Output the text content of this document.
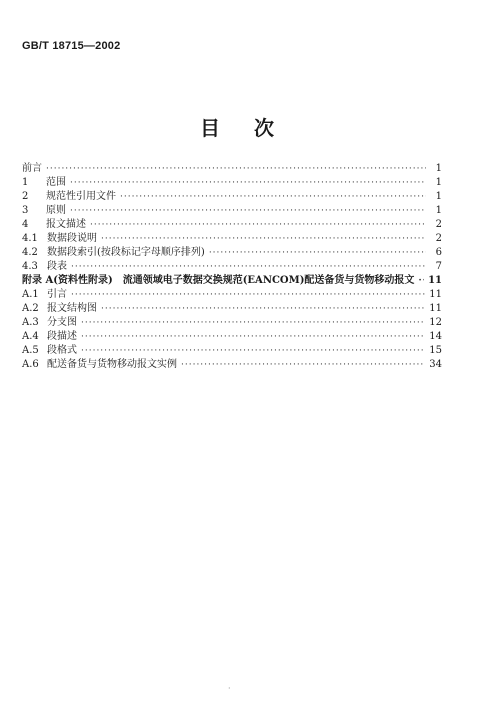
GB/T 18715—2002
目次
前言 ·····	1
1	范围 ·····	1
2	规范性引用文件 ·····	1
3	原则 ·····	1
4	报文描述 ·····	2
4.1 数据段说明 ·····	2
4.2 数据段索引(按段标记字母顺序排列) ·····	6
4.3 段表 ·····	7
附录 A(资料性附录)　流通领域电子数据交换规范(EANCOM)配送备货与货物移动报文 ····· 11
A.1 引言 ·····	11
A.2 报文结构图 ·····	11
A.3 分支图 ·····	12
A.4 段描述 ·····	14
A.5 段格式 ·····	15
A.6 配送备货与货物移动报文实例 ·····	34
·
